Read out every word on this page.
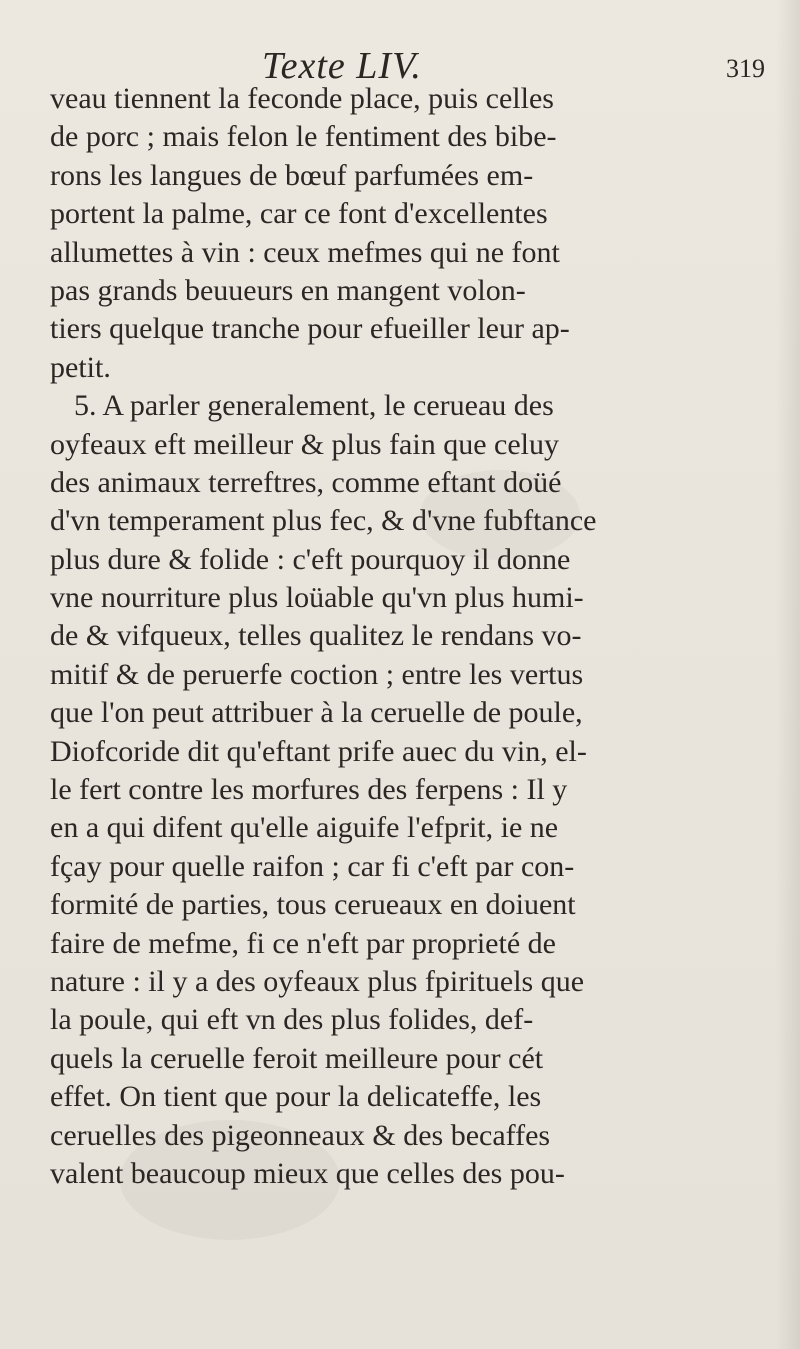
Texte LIV.	319
veau tiennent la feconde place, puis celles
de porc ; mais felon le fentiment des bibe-
rons les langues de bœuf parfumées em-
portent la palme, car ce font d'excellentes
allumettes à vin : ceux mefmes qui ne font
pas grands beuueurs en mangent volon-
tiers quelque tranche pour efueiller leur ap-
petit.
5. A parler generalement, le cerueau des
oyfeaux eft meilleur & plus fain que celuy
des animaux terreftres, comme eftant doüé
d'vn temperament plus fec, & d'vne fubftance
plus dure & folide : c'eft pourquoy il donne
vne nourriture plus loüable qu'vn plus humi-
de & vifqueux, telles qualitez le rendans vo-
mitif & de peruerfe coction ; entre les vertus
que l'on peut attribuer à la ceruelle de poule,
Diofcoride dit qu'eftant prife auec du vin, el-
le fert contre les morfures des ferpens : Il y
en a qui difent qu'elle aiguife l'efprit, ie ne
fçay pour quelle raifon ; car fi c'eft par con-
formité de parties, tous cerueaux en doiuent
faire de mefme, fi ce n'eft par proprieté de
nature : il y a des oyfeaux plus fpirituels que
la poule, qui eft vn des plus folides, def-
quels la ceruelle feroit meilleure pour cét
effet. On tient que pour la delicateffe, les
ceruelles des pigeonneaux & des becaffes
valent beaucoup mieux que celles des pou-
